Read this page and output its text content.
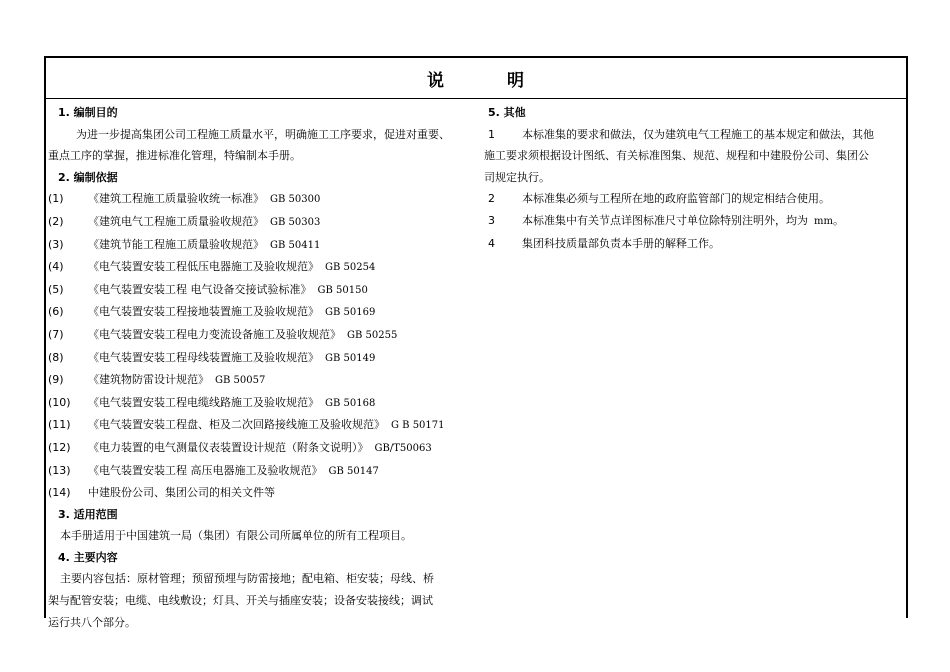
说	明
1. 编制目的
为进一步提高集团公司工程施工质量水平，明确施工工序要求，促进对重要、
重点工序的掌握，推进标准化管理，特编制本手册。
2. 编制依据
(1) 《建筑工程施工质量验收统一标准》 GB 50300
(2) 《建筑电气工程施工质量验收规范》 GB 50303
(3) 《建筑节能工程施工质量验收规范》 GB 50411
(4) 《电气装置安装工程低压电器施工及验收规范》 GB 50254
(5) 《电气装置安装工程 电气设备交接试验标准》 GB 50150
(6) 《电气装置安装工程接地装置施工及验收规范》 GB 50169
(7) 《电气装置安装工程电力变流设备施工及验收规范》 GB 50255
(8) 《电气装置安装工程母线装置施工及验收规范》 GB 50149
(9) 《建筑物防雷设计规范》 GB 50057
(10) 《电气装置安装工程电缆线路施工及验收规范》 GB 50168
(11) 《电气装置安装工程盘、柜及二次回路接线施工及验收规范》 G B 50171
(12) 《电力装置的电气测量仪表装置设计规范（附条文说明）》 GB/T50063
(13) 《电气装置安装工程 高压电器施工及验收规范》 GB 50147
(14) 中建股份公司、集团公司的相关文件等
3. 适用范围
本手册适用于中国建筑一局（集团）有限公司所属单位的所有工程项目。
4. 主要内容
主要内容包括：原材管理；预留预埋与防雷接地；配电箱、柜安装；母线、桥
架与配管安装；电缆、电线敷设；灯具、开关与插座安装；设备安装接线；调试
运行共八个部分。
5. 其他
1 本标准集的要求和做法，仅为建筑电气工程施工的基本规定和做法，其他
施工要求须根据设计图纸、有关标准图集、规范、规程和中建股份公司、集团公
司规定执行。
2 本标准集必须与工程所在地的政府监管部门的规定相结合使用。
3 本标准集中有关节点详图标准尺寸单位除特别注明外，均为 mm。
4 集团科技质量部负责本手册的解释工作。
